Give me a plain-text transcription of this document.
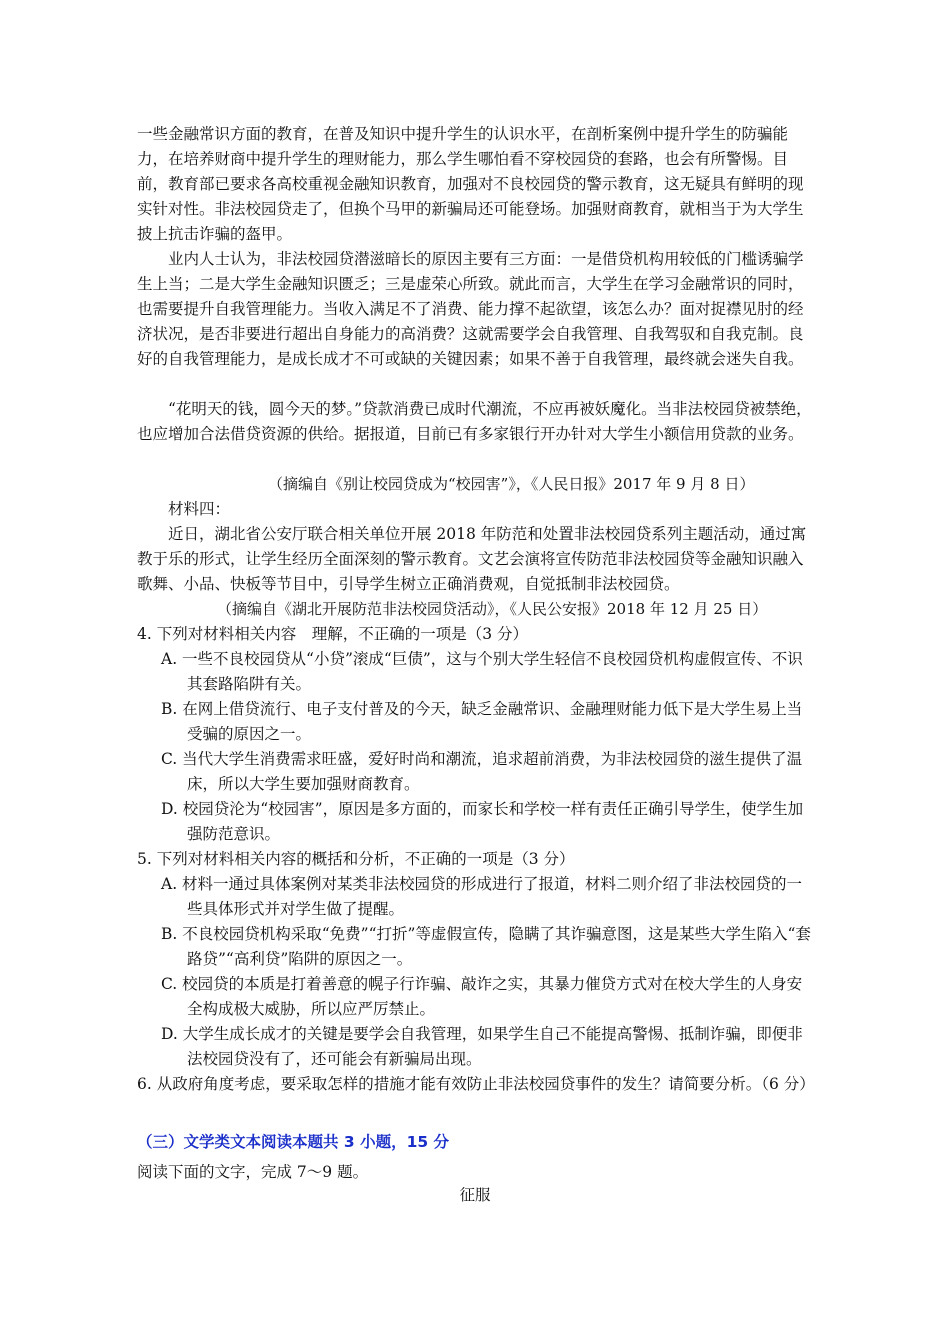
一些金融常识方面的教育，在普及知识中提升学生的认识水平，在剖析案例中提升学生的防骗能力，在培养财商中提升学生的理财能力，那么学生哪怕看不穿校园贷的套路，也会有所警惕。目前，教育部已要求各高校重视金融知识教育，加强对不良校园贷的警示教育，这无疑具有鲜明的现实针对性。非法校园贷走了，但换个马甲的新骗局还可能登场。加强财商教育，就相当于为大学生披上抗击诈骗的盔甲。

业内人士认为，非法校园贷潜滋暗长的原因主要有三方面：一是借贷机构用较低的门槛诱骗学生上当；二是大学生金融知识匮乏；三是虚荣心所致。就此而言，大学生在学习金融常识的同时，也需要提升自我管理能力。当收入满足不了消费、能力撑不起欲望，该怎么办？面对捉襟见肘的经济状况，是否非要进行超出自身能力的高消费？这就需要学会自我管理、自我驾驭和自我克制。良好的自我管理能力，是成长成才不可或缺的关键因素；如果不善于自我管理，最终就会迷失自我。

“花明天的钱，圆今天的梦。”贷款消费已成时代潮流，不应再被妖魔化。当非法校园贷被禁绝，也应增加合法借贷资源的供给。据报道，目前已有多家银行开办针对大学生小额信用贷款的业务。

（摘编自《别让校园贷成为“校园害”》，《人民日报》2017 年 9 月 8 日）
材料四：

近日，湖北省公安厅联合相关单位开展 2018 年防范和处置非法校园贷系列主题活动，通过寓教于乐的形式，让学生经历全面深刻的警示教育。文艺会演将宣传防范非法校园贷等金融知识融入歌舞、小品、快板等节目中，引导学生树立正确消费观，自觉抵制非法校园贷。

（摘编自《湖北开展防范非法校园贷活动》，《人民公安报》2018 年 12 月 25 日）

4. 下列对材料相关内容　理解，不正确的一项是（3 分）

A. 一些不良校园贷从“小贷”滚成“巨债”，这与个别大学生轻信不良校园贷机构虚假宣传、不识其套路陷阱有关。

B. 在网上借贷流行、电子支付普及的今天，缺乏金融常识、金融理财能力低下是大学生易上当受骗的原因之一。

C. 当代大学生消费需求旺盛，爱好时尚和潮流，追求超前消费，为非法校园贷的滋生提供了温床，所以大学生要加强财商教育。

D. 校园贷沦为“校园害”，原因是多方面的，而家长和学校一样有责任正确引导学生，使学生加强防范意识。

5. 下列对材料相关内容的概括和分析，不正确的一项是（3 分）

A. 材料一通过具体案例对某类非法校园贷的形成进行了报道，材料二则介绍了非法校园贷的一些具体形式并对学生做了提醒。

B. 不良校园贷机构采取“免费”“打折”等虚假宣传，隐瞒了其诈骗意图，这是某些大学生陷入“套路贷”“高利贷”陷阱的原因之一。

C. 校园贷的本质是打着善意的幌子行诈骗、敲诈之实，其暴力催贷方式对在校大学生的人身安全构成极大威胁，所以应严厉禁止。

D. 大学生成长成才的关键是要学会自我管理，如果学生自己不能提高警惕、抵制诈骗，即便非法校园贷没有了，还可能会有新骗局出现。

6. 从政府角度考虑，要采取怎样的措施才能有效防止非法校园贷事件的发生？请简要分析。（6 分）

（三）文学类文本阅读本题共 3 小题，15 分
阅读下面的文字，完成 7～9 题。
征服
